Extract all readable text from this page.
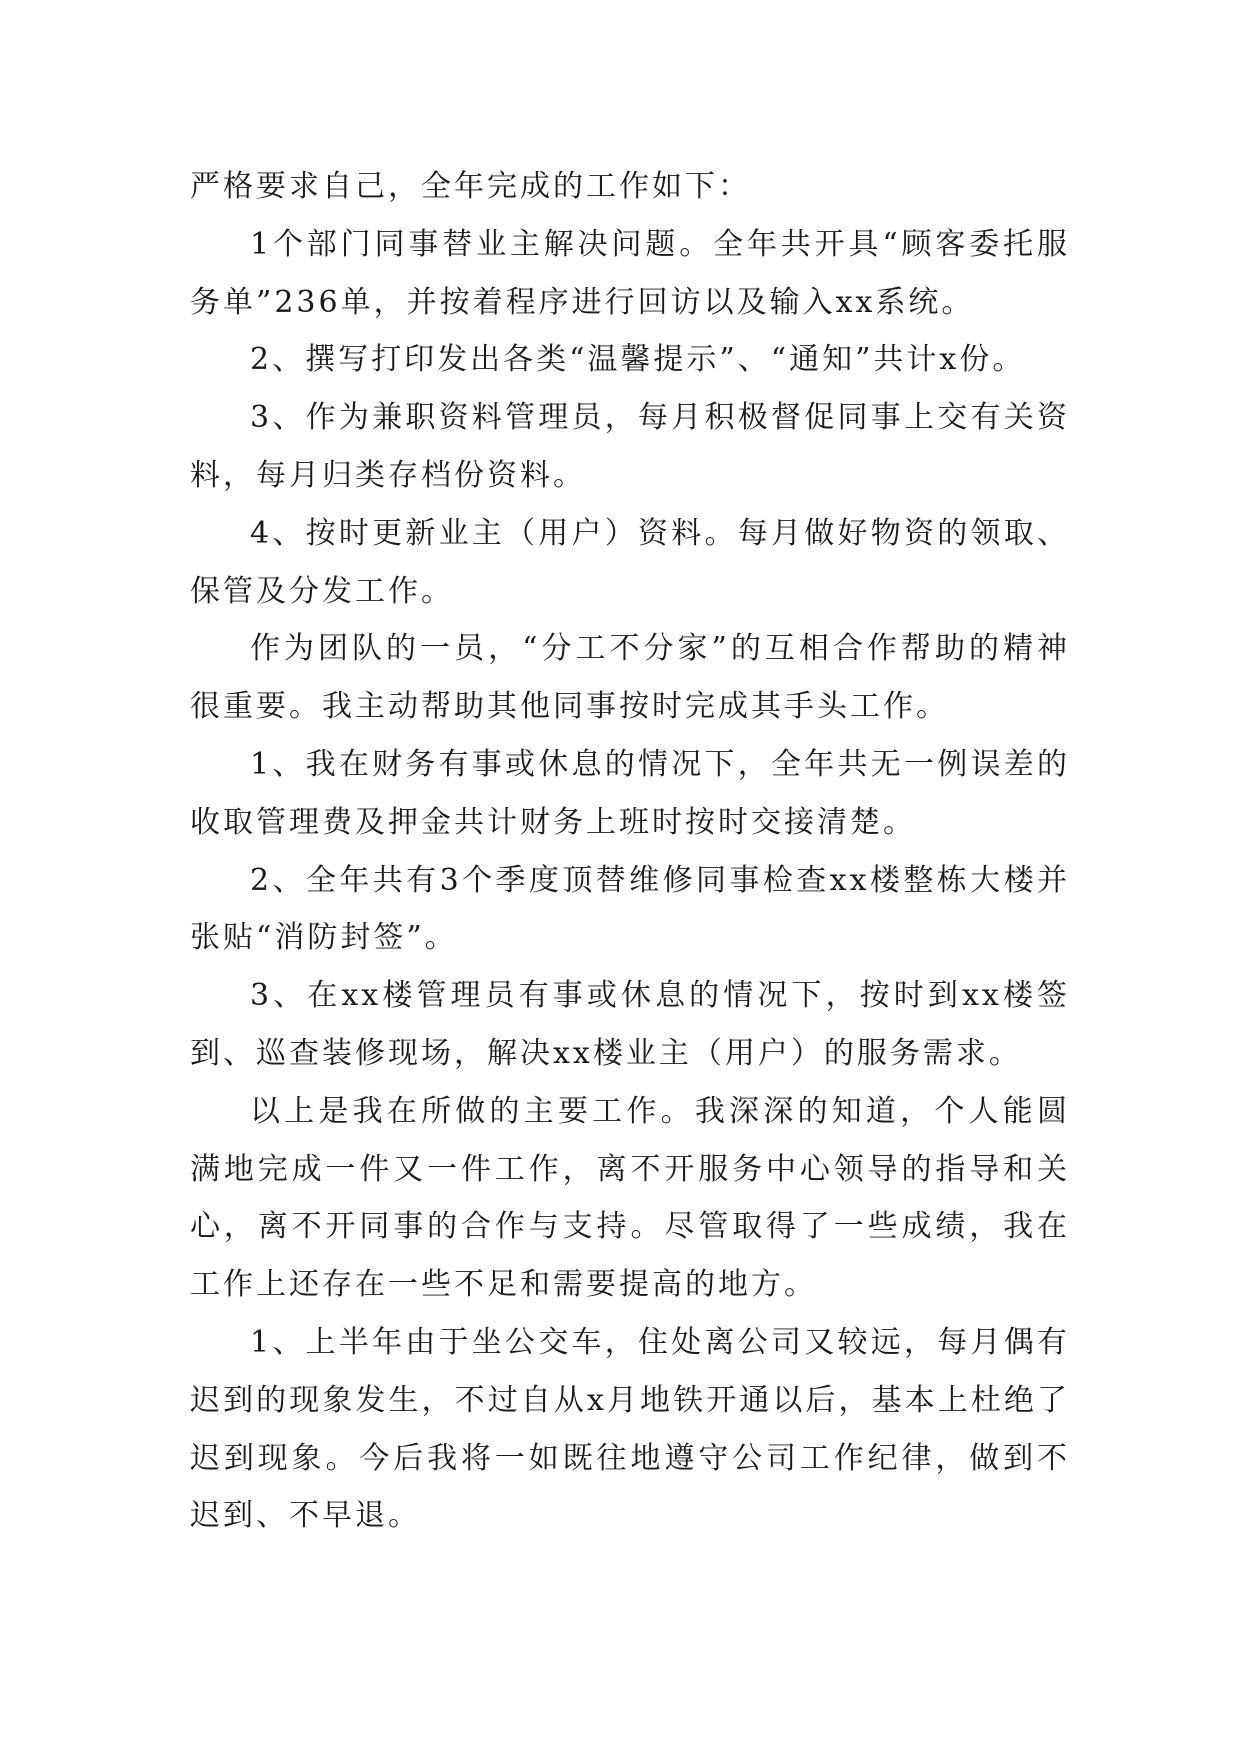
严格要求自己，全年完成的工作如下：

1个部门同事替业主解决问题。全年共开具“顾客委托服务单”236单，并按着程序进行回访以及输入xx系统。

2、撰写打印发出各类“温馨提示”、“通知”共计x份。

3、作为兼职资料管理员，每月积极督促同事上交有关资料，每月归类存档份资料。

4、按时更新业主（用户）资料。每月做好物资的领取、保管及分发工作。

作为团队的一员，“分工不分家”的互相合作帮助的精神很重要。我主动帮助其他同事按时完成其手头工作。

1、我在财务有事或休息的情况下，全年共无一例误差的收取管理费及押金共计财务上班时按时交接清楚。

2、全年共有3个季度顶替维修同事检查xx楼整栋大楼并张贴“消防封签”。

3、在xx楼管理员有事或休息的情况下，按时到xx楼签到、巡查装修现场，解决xx楼业主（用户）的服务需求。

以上是我在所做的主要工作。我深深的知道，个人能圆满地完成一件又一件工作，离不开服务中心领导的指导和关心，离不开同事的合作与支持。尽管取得了一些成绩，我在工作上还存在一些不足和需要提高的地方。

1、上半年由于坐公交车，住处离公司又较远，每月偶有迟到的现象发生，不过自从x月地铁开通以后，基本上杜绝了迟到现象。今后我将一如既往地遵守公司工作纪律，做到不迟到、不早退。
